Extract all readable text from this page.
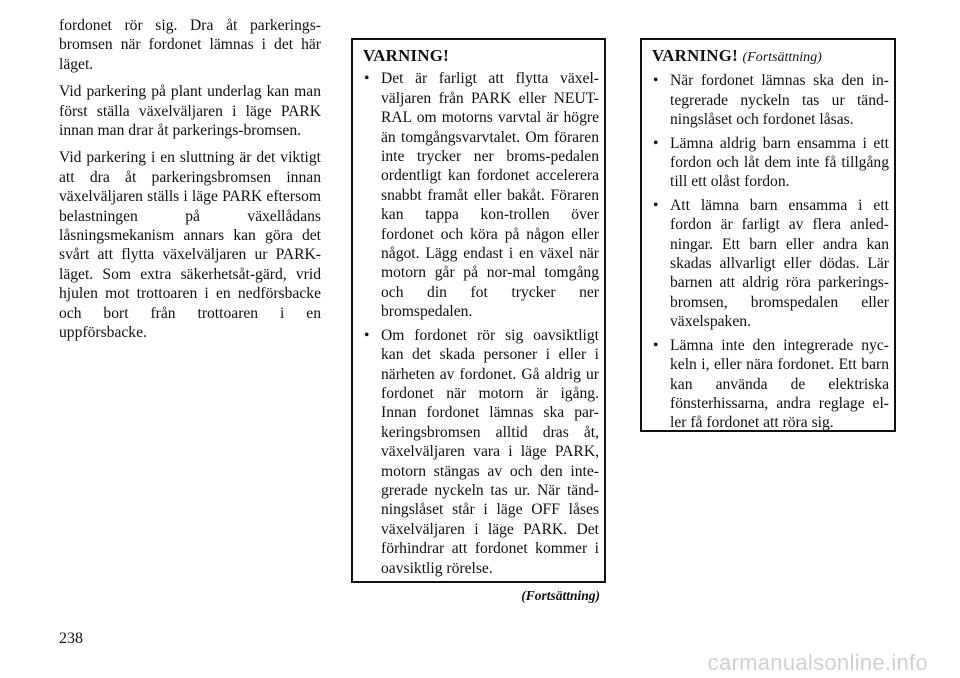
fordonet rör sig. Dra åt parkerings-bromsen när fordonet lämnas i det här läget.

Vid parkering på plant underlag kan man först ställa växelväljaren i läge PARK innan man drar åt parkerings-bromsen.

Vid parkering i en sluttning är det viktigt att dra åt parkeringsbromsen innan växelväljaren ställs i läge PARK eftersom belastningen på växellådans låsningsmekanism annars kan göra det svårt att flytta växelväljaren ur PARK-läget. Som extra säkerhetsåt-gärd, vrid hjulen mot trottoaren i en nedförsbacke och bort från trottoaren i en uppförsbacke.

VARNING!
• Det är farligt att flytta växel-väljaren från PARK eller NEUT-RAL om motorns varvtal är högre än tomgångsvarvtalet. Om föraren inte trycker ner broms-pedalen ordentligt kan fordonet accelerera snabbt framåt eller bakåt. Föraren kan tappa kon-trollen över fordonet och köra på någon eller något. Lägg endast i en växel när motorn går på nor-mal tomgång och din fot trycker ner bromspedalen.
• Om fordonet rör sig oavsiktligt kan det skada personer i eller i närheten av fordonet. Gå aldrig ur fordonet när motorn är igång. Innan fordonet lämnas ska par-keringsbromsen alltid dras åt, växelväljaren vara i läge PARK, motorn stängas av och den inte-grerade nyckeln tas ur. När tänd-ningslåset står i läge OFF låses växelväljaren i läge PARK. Det förhindrar att fordonet kommer i oavsiktlig rörelse.
(Fortsättning)
VARNING! (Fortsättning)
• När fordonet lämnas ska den in-tegrerade nyckeln tas ur tänd-ningslåset och fordonet låsas.
• Lämna aldrig barn ensamma i ett fordon och låt dem inte få tillgång till ett olåst fordon.
• Att lämna barn ensamma i ett fordon är farligt av flera anled-ningar. Ett barn eller andra kan skadas allvarligt eller dödas. Lär barnen att aldrig röra parkerings-bromsen, bromspedalen eller växelspaken.
• Lämna inte den integrerade nyc-keln i, eller nära fordonet. Ett barn kan använda de elektriska fönsterhissarna, andra reglage el-ler få fordonet att röra sig.
238
carmanualsonline.info
